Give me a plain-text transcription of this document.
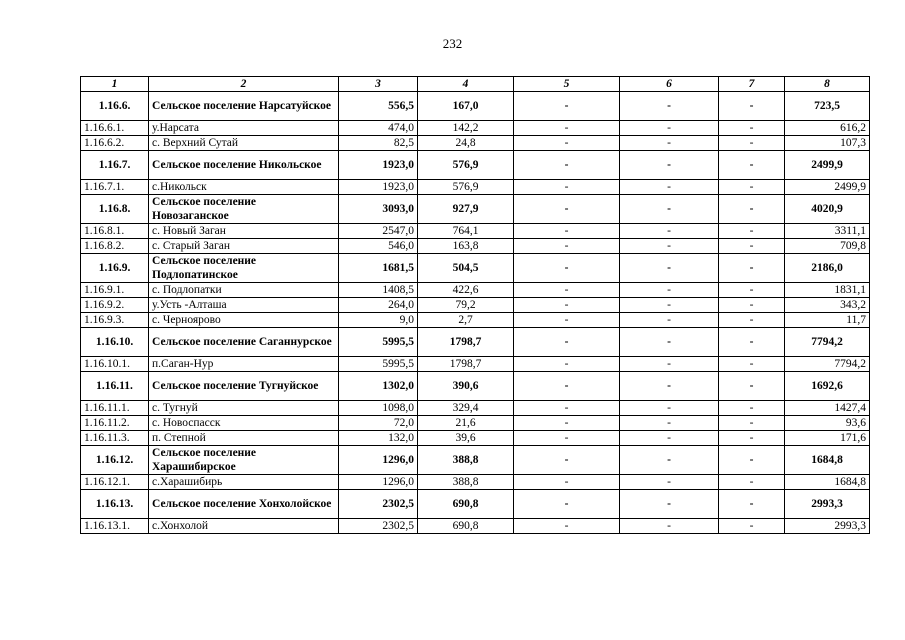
232
1	2	3	4	5	6	7	8
1.16.6.	Сельское поселение Нарсатуйское	556,5	167,0	-	-	-	723,5
1.16.6.1.	у.Нарсата	474,0	142,2	-	-	-	616,2
1.16.6.2.	с. Верхний Сутай	82,5	24,8	-	-	-	107,3
1.16.7.	Сельское поселение Никольское	1923,0	576,9	-	-	-	2499,9
1.16.7.1.	с.Никольск	1923,0	576,9	-	-	-	2499,9
1.16.8.	Сельское поселение Новозаганское	3093,0	927,9	-	-	-	4020,9
1.16.8.1.	с. Новый Заган	2547,0	764,1	-	-	-	3311,1
1.16.8.2.	с. Старый Заган	546,0	163,8	-	-	-	709,8
1.16.9.	Сельское поселение Подлопатинское	1681,5	504,5	-	-	-	2186,0
1.16.9.1.	с. Подлопатки	1408,5	422,6	-	-	-	1831,1
1.16.9.2.	у.Усть -Алташа	264,0	79,2	-	-	-	343,2
1.16.9.3.	с. Черноярово	9,0	2,7	-	-	-	11,7
1.16.10.	Сельское поселение Саганнурское	5995,5	1798,7	-	-	-	7794,2
1.16.10.1.	п.Саган-Нур	5995,5	1798,7	-	-	-	7794,2
1.16.11.	Сельское поселение Тугнуйское	1302,0	390,6	-	-	-	1692,6
1.16.11.1.	с. Тугнуй	1098,0	329,4	-	-	-	1427,4
1.16.11.2.	с. Новоспасск	72,0	21,6	-	-	-	93,6
1.16.11.3.	п. Степной	132,0	39,6	-	-	-	171,6
1.16.12.	Сельское поселение Харашибирское	1296,0	388,8	-	-	-	1684,8
1.16.12.1.	с.Харашибирь	1296,0	388,8	-	-	-	1684,8
1.16.13.	Сельское поселение Хонхолойское	2302,5	690,8	-	-	-	2993,3
1.16.13.1.	с.Хонхолой	2302,5	690,8	-	-	-	2993,3
